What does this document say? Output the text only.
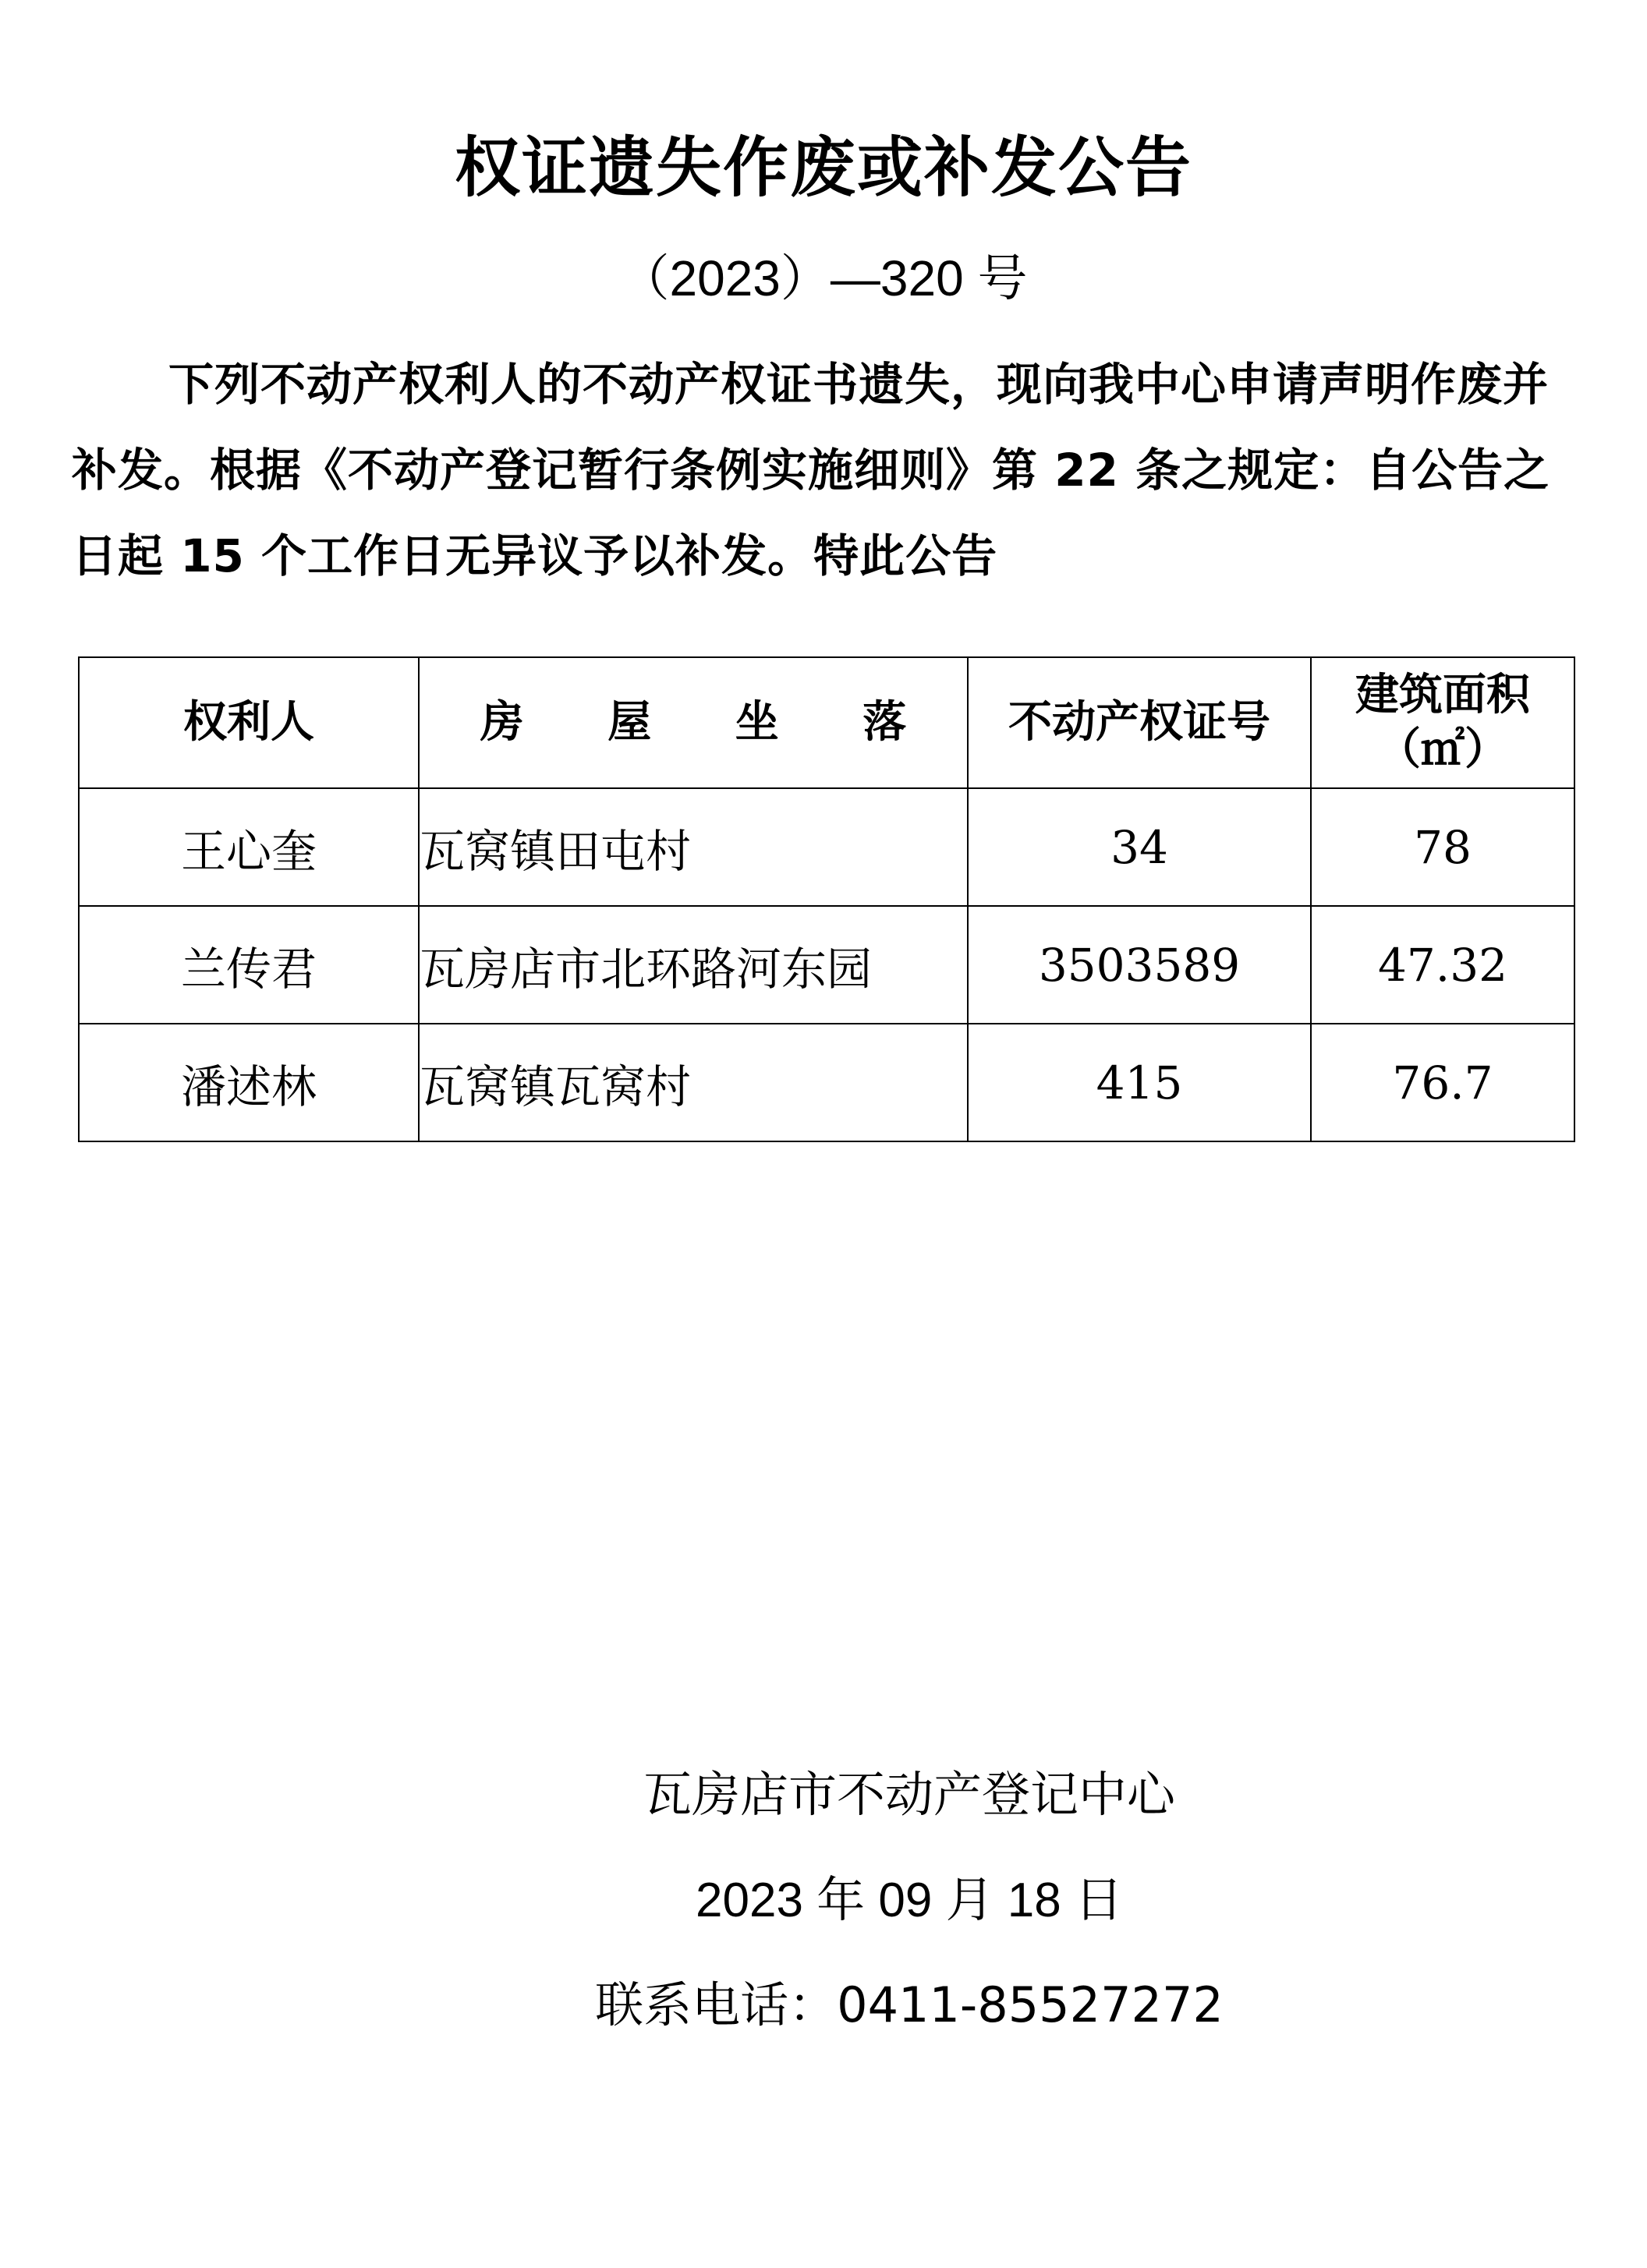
权证遗失作废或补发公告
（2023）—320 号
下列不动产权利人的不动产权证书遗失，现向我中心申请声明作废并补发。根据《不动产登记暂行条例实施细则》第 22 条之规定：自公告之日起 15 个工作日无异议予以补发。特此公告
权利人	房 屋 坐 落	不动产权证号	建筑面积
（㎡）

王心奎	瓦窝镇田屯村	34	78
兰传君	瓦房店市北环路河东园	3503589	47.32
潘述林	瓦窝镇瓦窝村	415	76.7
瓦房店市不动产登记中心
2023 年 09 月 18 日
联系电话：0411-85527272
